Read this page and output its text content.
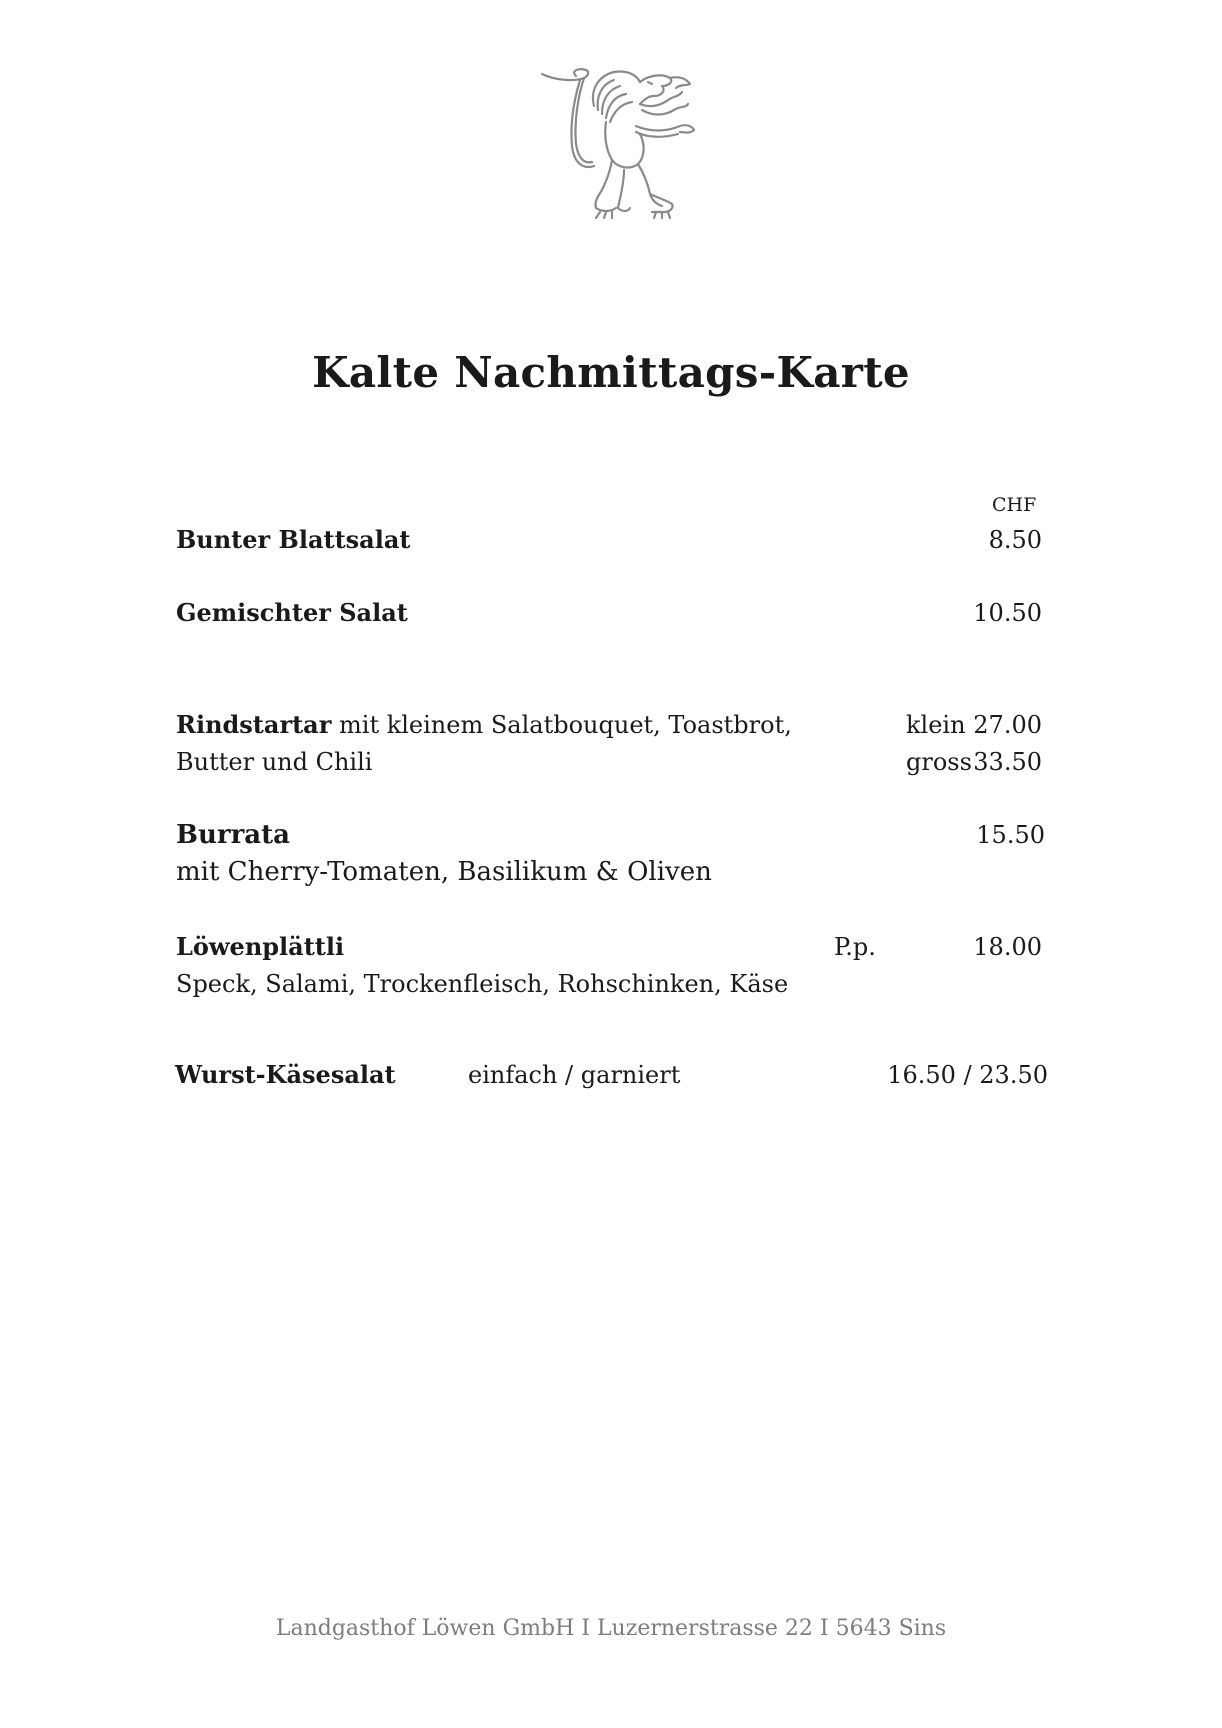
Kalte Nachmittags-Karte
CHF
Bunter Blattsalat	8.50
Gemischter Salat	10.50
Rindstartar mit kleinem Salatbouquet, Toastbrot,
Butter und Chili
klein 27.00
gross 33.50
Burrata	15.50
mit Cherry-Tomaten, Basilikum & Oliven
Löwenplättli	P.p.	18.00
Speck, Salami, Trockenfleisch, Rohschinken, Käse
Wurst-Käsesalat	einfach / garniert	16.50 / 23.50
Landgasthof Löwen GmbH I Luzernerstrasse 22 I 5643 Sins
